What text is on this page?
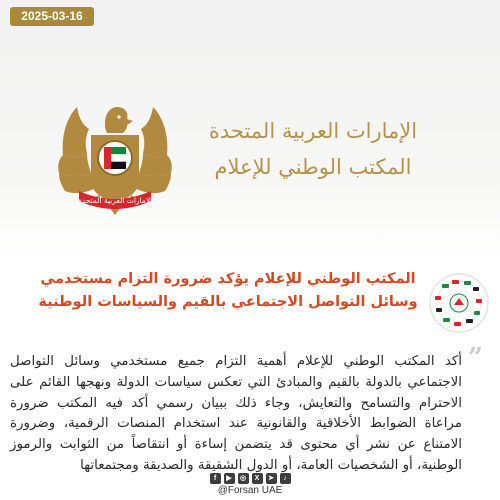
2025-03-16
الإمارات العربية المتحدة
الإمارات العربية المتحدة
المكتب الوطني للإعلام
المكتب الوطني للإعلام يؤكد ضرورة التزام مستخدمي
وسائل التواصل الاجتماعي بالقيم والسياسات الوطنية
”
أكد المكتب الوطني للإعلام أهمية التزام جميع مستخدمي وسائل التواصل الاجتماعي بالدولة بالقيم والمبادئ التي تعكس سياسات الدولة ونهجها القائم على الاحترام والتسامح والتعايش، وجاء ذلك ببيان رسمي أكد فيه المكتب ضرورة مراعاة الضوابط الأخلاقية والقانونية عند استخدام المنصات الرقمية، وضرورة الامتناع عن نشر أي محتوى قد يتضمن إساءة أو انتقاصاً من الثوابت والرموز الوطنية، أو الشخصيات العامة، أو الدول الشقيقة والصديقة ومجتمعاتها
f	▶	◎	X	➤	♪
@Forsan UAE
